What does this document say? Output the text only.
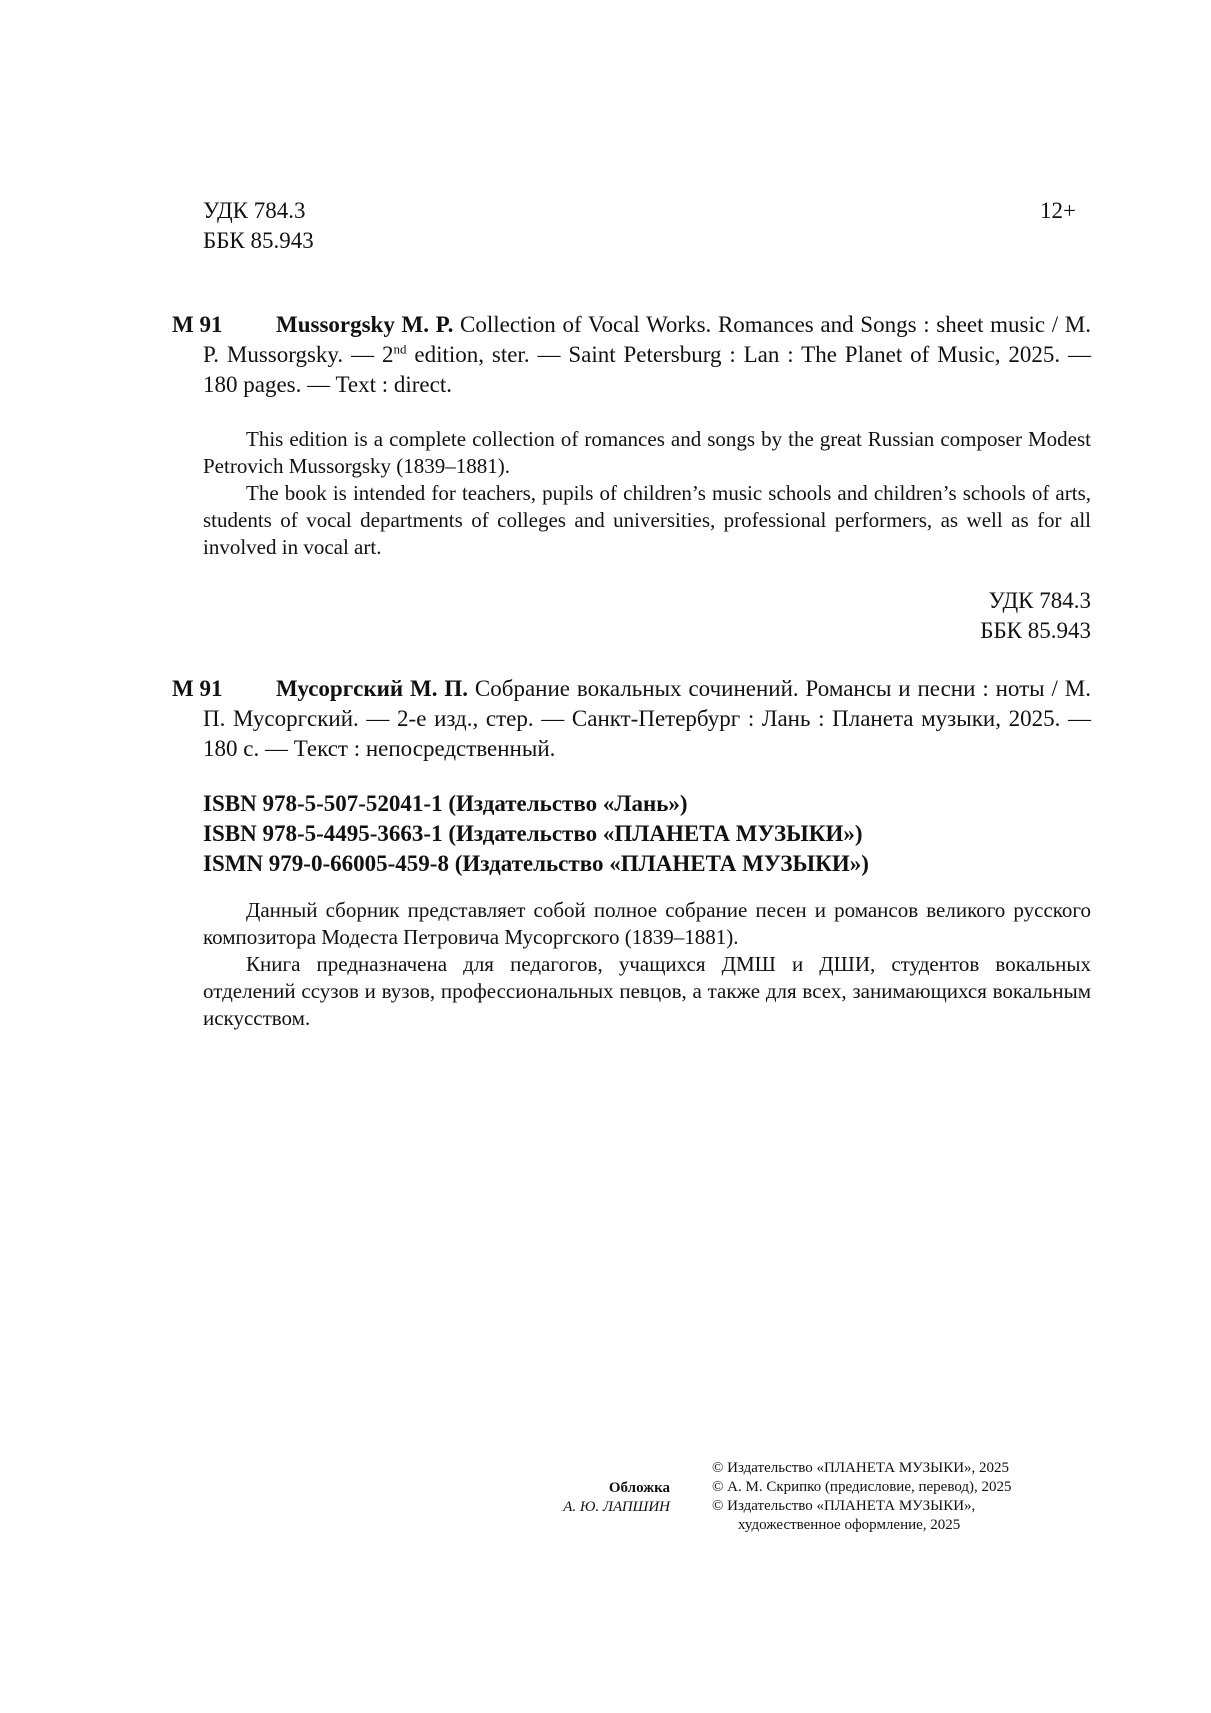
УДК 784.3
ББК 85.943
12+
М 91	Mussorgsky M. P. Collection of Vocal Works. Romances and Songs : sheet music / M. P. Mussorgsky. — 2nd edition, ster. — Saint Petersburg : Lan : The Planet of Music, 2025. — 180 pages. — Text : direct.

This edition is a complete collection of romances and songs by the great Russian composer Modest Petrovich Mussorgsky (1839–1881).

The book is intended for teachers, pupils of children’s music schools and children’s schools of arts, students of vocal departments of colleges and universities, professional performers, as well as for all involved in vocal art.

УДК 784.3
ББК 85.943
М 91	Мусоргский М. П. Собрание вокальных сочинений. Романсы и песни : ноты / М. П. Мусоргский. — 2-е изд., стер. — Санкт-Петербург : Лань : Планета музыки, 2025. — 180 с. — Текст : непосредственный.
ISBN 978-5-507-52041-1 (Издательство «Лань»)
ISBN 978-5-4495-3663-1 (Издательство «ПЛАНЕТА МУЗЫКИ»)
ISMN 979-0-66005-459-8 (Издательство «ПЛАНЕТА МУЗЫКИ»)

Данный сборник представляет собой полное собрание песен и романсов великого русского композитора Модеста Петровича Мусоргского (1839–1881).

Книга предназначена для педагогов, учащихся ДМШ и ДШИ, студентов вокальных отделений ссузов и вузов, профессиональных певцов, а также для всех, занимающихся вокальным искусством.

Обложка
А. Ю. ЛАПШИН
© Издательство «ПЛАНЕТА МУЗЫКИ», 2025
© А. М. Скрипко (предисловие, перевод), 2025
© Издательство «ПЛАНЕТА МУЗЫКИ»,
художественное оформление, 2025
